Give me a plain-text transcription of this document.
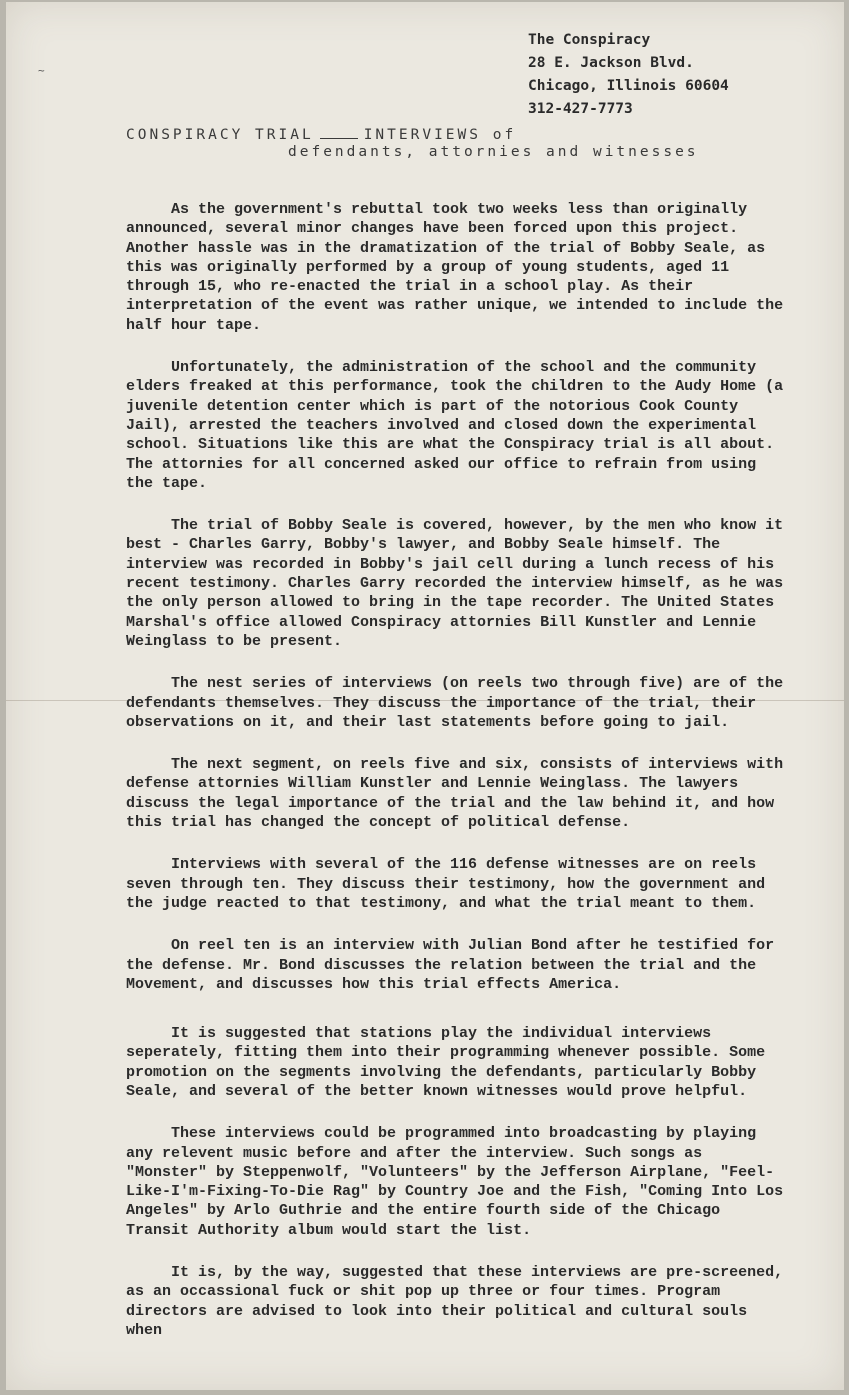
~
The Conspiracy
28 E. Jackson Blvd.
Chicago, Illinois 60604
312-427-7773
CONSPIRACY TRIAL	INTERVIEWS of
defendants, attornies and witnesses

As the government's rebuttal took two weeks less than originally announced, several minor changes have been forced upon this project. Another hassle was in the dramatization of the trial of Bobby Seale, as this was originally performed by a group of young students, aged 11 through 15, who re-enacted the trial in a school play. As their interpretation of the event was rather unique, we intended to include the half hour tape.

Unfortunately, the administration of the school and the community elders freaked at this performance, took the children to the Audy Home (a juvenile detention center which is part of the notorious Cook County Jail), arrested the teachers involved and closed down the experimental school. Situations like this are what the Conspiracy trial is all about. The attornies for all concerned asked our office to refrain from using the tape.

The trial of Bobby Seale is covered, however, by the men who know it best - Charles Garry, Bobby's lawyer, and Bobby Seale himself. The interview was recorded in Bobby's jail cell during a lunch recess of his recent testimony. Charles Garry recorded the interview himself, as he was the only person allowed to bring in the tape recorder. The United States Marshal's office allowed Conspiracy attornies Bill Kunstler and Lennie Weinglass to be present.

The nest series of interviews (on reels two through five) are of the defendants themselves. They discuss the importance of the trial, their observations on it, and their last statements before going to jail.

The next segment, on reels five and six, consists of interviews with defense attornies William Kunstler and Lennie Weinglass. The lawyers discuss the legal importance of the trial and the law behind it, and how this trial has changed the concept of political defense.

Interviews with several of the 116 defense witnesses are on reels seven through ten. They discuss their testimony, how the government and the judge reacted to that testimony, and what the trial meant to them.

On reel ten is an interview with Julian Bond after he testified for the defense. Mr. Bond discusses the relation between the trial and the Movement, and discusses how this trial effects America.

It is suggested that stations play the individual interviews seperately, fitting them into their programming whenever possible. Some promotion on the segments involving the defendants, particularly Bobby Seale, and several of the better known witnesses would prove helpful.

These interviews could be programmed into broadcasting by playing any relevent music before and after the interview. Such songs as "Monster" by Steppenwolf, "Volunteers" by the Jefferson Airplane, "Feel-Like-I'm-Fixing-To-Die Rag" by Country Joe and the Fish, "Coming Into Los Angeles" by Arlo Guthrie and the entire fourth side of the Chicago Transit Authority album would start the list.

It is, by the way, suggested that these interviews are pre-screened, as an occassional fuck or shit pop up three or four times. Program directors are advised to look into their political and cultural souls when
